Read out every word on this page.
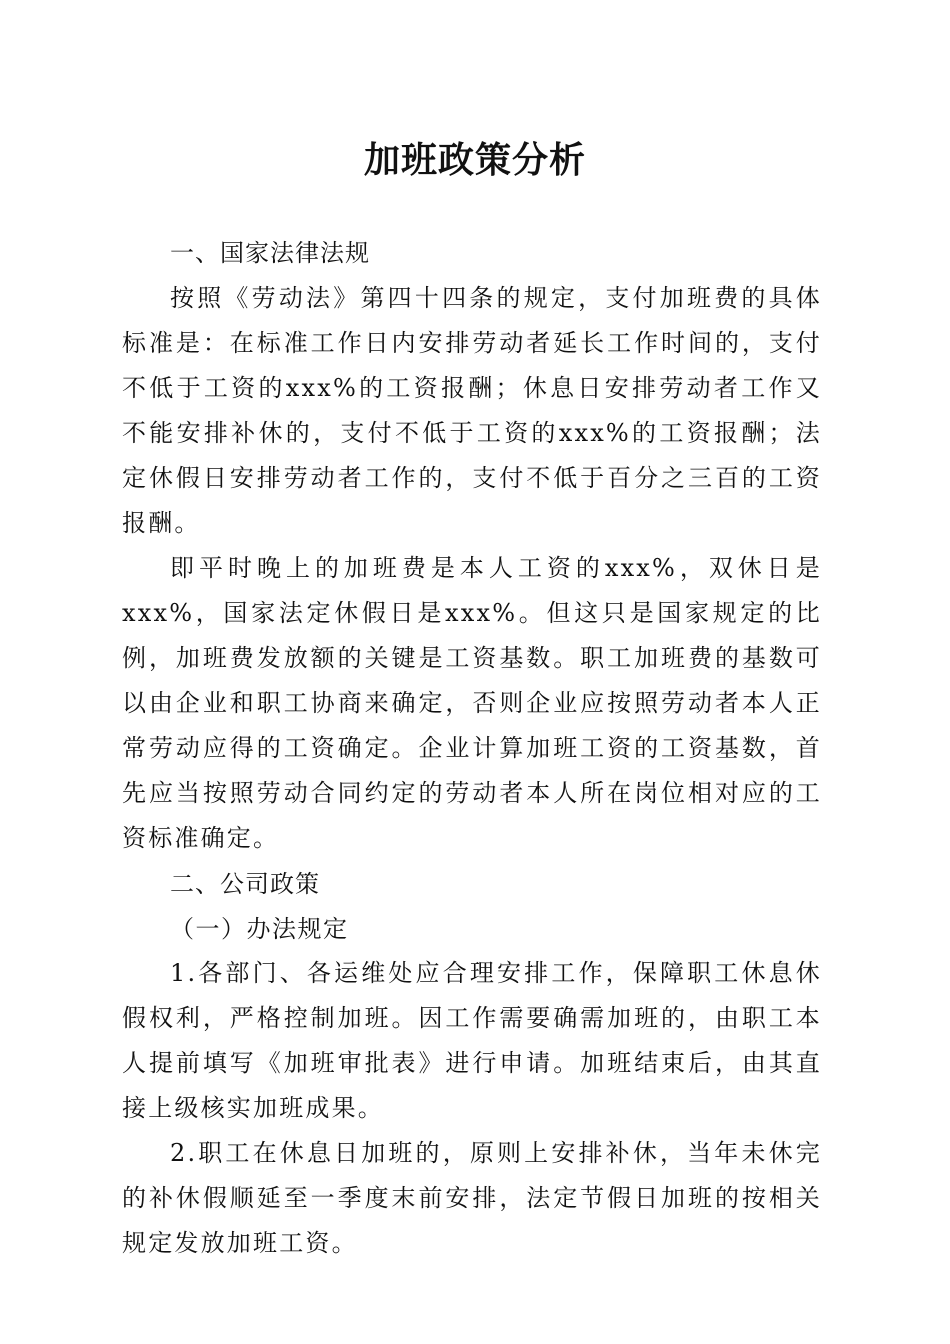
加班政策分析

一、国家法律法规

按照《劳动法》第四十四条的规定，支付加班费的具体标准是：在标准工作日内安排劳动者延长工作时间的，支付不低于工资的xxx%的工资报酬；休息日安排劳动者工作又不能安排补休的，支付不低于工资的xxx%的工资报酬；法定休假日安排劳动者工作的，支付不低于百分之三百的工资报酬。

即平时晚上的加班费是本人工资的xxx%，双休日是xxx%，国家法定休假日是xxx%。但这只是国家规定的比例，加班费发放额的关键是工资基数。职工加班费的基数可以由企业和职工协商来确定，否则企业应按照劳动者本人正常劳动应得的工资确定。企业计算加班工资的工资基数，首先应当按照劳动合同约定的劳动者本人所在岗位相对应的工资标准确定。

二、公司政策

（一）办法规定

1.各部门、各运维处应合理安排工作，保障职工休息休假权利，严格控制加班。因工作需要确需加班的，由职工本人提前填写《加班审批表》进行申请。加班结束后，由其直接上级核实加班成果。

2.职工在休息日加班的，原则上安排补休，当年未休完的补休假顺延至一季度末前安排，法定节假日加班的按相关规定发放加班工资。
